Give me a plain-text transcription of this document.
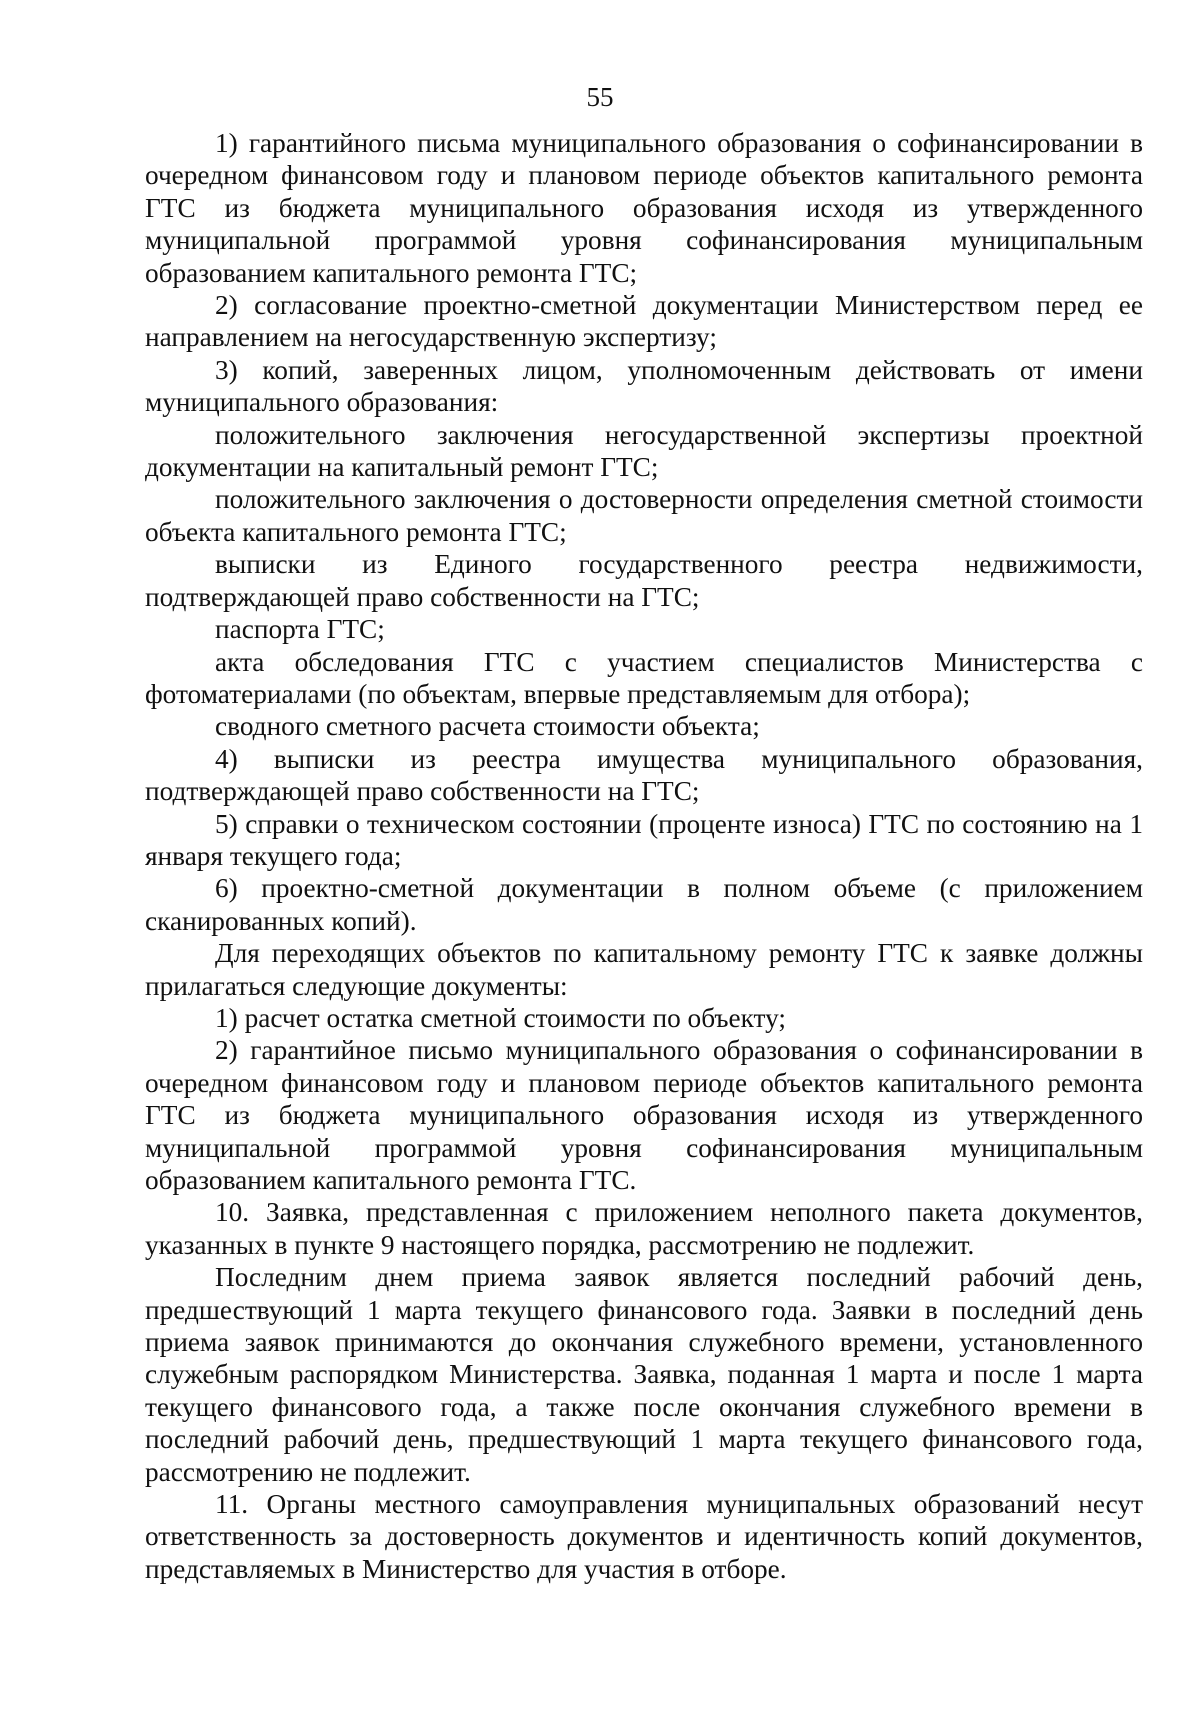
55

1) гарантийного письма муниципального образования о софинансировании в очередном финансовом году и плановом периоде объектов капитального ремонта ГТС из бюджета муниципального образования исходя из утвержденного муниципальной программой уровня софинансирования муниципальным образованием капитального ремонта ГТС;

2) согласование проектно-сметной документации Министерством перед ее направлением на негосударственную экспертизу;

3) копий, заверенных лицом, уполномоченным действовать от имени муниципального образования:

положительного заключения негосударственной экспертизы проектной документации на капитальный ремонт ГТС;

положительного заключения о достоверности определения сметной стоимости объекта капитального ремонта ГТС;

выписки из Единого государственного реестра недвижимости, подтверждающей право собственности на ГТС;

паспорта ГТС;

акта обследования ГТС с участием специалистов Министерства с фотоматериалами (по объектам, впервые представляемым для отбора);

сводного сметного расчета стоимости объекта;

4) выписки из реестра имущества муниципального образования, подтверждающей право собственности на ГТС;

5) справки о техническом состоянии (проценте износа) ГТС по состоянию на 1 января текущего года;

6) проектно-сметной документации в полном объеме (с приложением сканированных копий).

Для переходящих объектов по капитальному ремонту ГТС к заявке должны прилагаться следующие документы:

1) расчет остатка сметной стоимости по объекту;

2) гарантийное письмо муниципального образования о софинансировании в очередном финансовом году и плановом периоде объектов капитального ремонта ГТС из бюджета муниципального образования исходя из утвержденного муниципальной программой уровня софинансирования муниципальным образованием капитального ремонта ГТС.

10. Заявка, представленная с приложением неполного пакета документов, указанных в пункте 9 настоящего порядка, рассмотрению не подлежит.

Последним днем приема заявок является последний рабочий день, предшествующий 1 марта текущего финансового года. Заявки в последний день приема заявок принимаются до окончания служебного времени, установленного служебным распорядком Министерства. Заявка, поданная 1 марта и после 1 марта текущего финансового года, а также после окончания служебного времени в последний рабочий день, предшествующий 1 марта текущего финансового года, рассмотрению не подлежит.

11. Органы местного самоуправления муниципальных образований несут ответственность за достоверность документов и идентичность копий документов, представляемых в Министерство для участия в отборе.
